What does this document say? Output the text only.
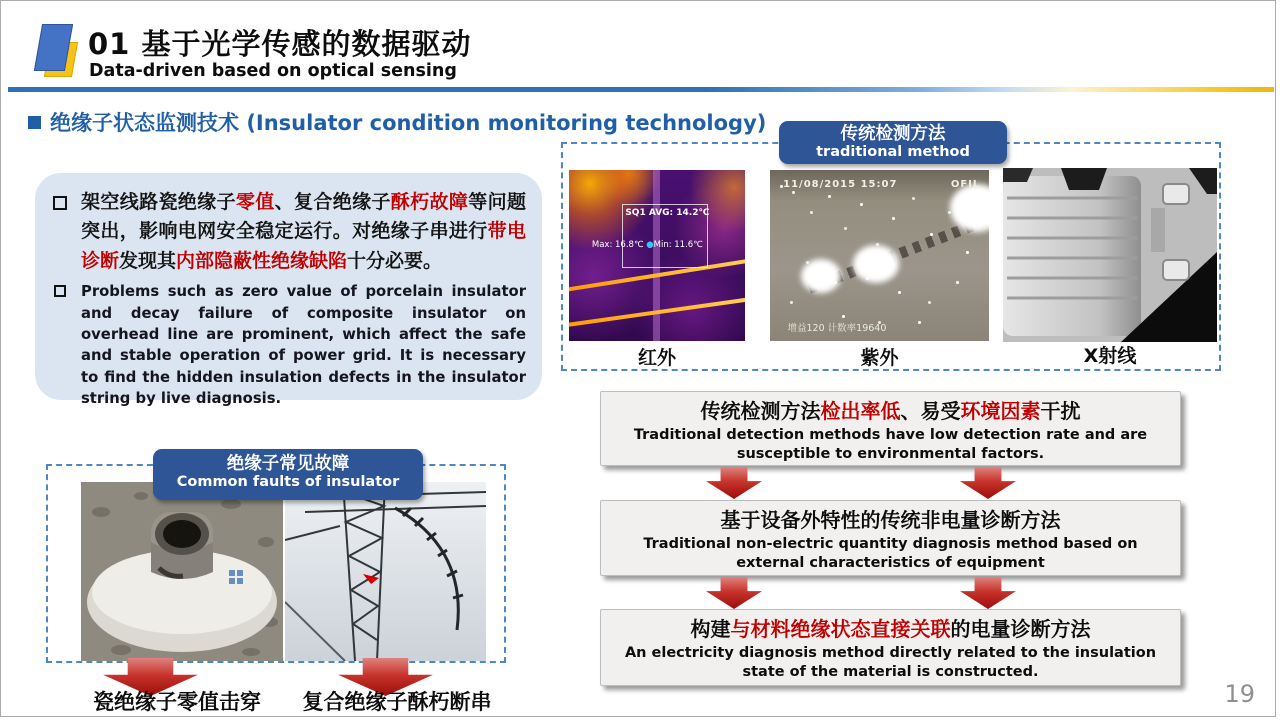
01 基于光学传感的数据驱动
Data-driven based on optical sensing
绝缘子状态监测技术 (Insulator condition monitoring technology)
架空线路瓷绝缘子零值、复合绝缘子酥朽故障等问题突出，影响电网安全稳定运行。对绝缘子串进行带电诊断发现其内部隐蔽性绝缘缺陷十分必要。
Problems such as zero value of porcelain insulator and decay failure of composite insulator on overhead line are prominent, which affect the safe and stable operation of power grid. It is necessary to find the hidden insulation defects in the insulator string by live diagnosis.
传统检测方法
traditional method
SQ1 AVG: 14.2℃
Max: 16.8℃ ●Min: 11.6℃
11/08/2015 15:07	OFIL
增益120 计数率19640
红外	紫外	X射线
绝缘子常见故障
Common faults of insulator
瓷绝缘子零值击穿	复合绝缘子酥朽断串
传统检测方法检出率低、易受环境因素干扰
Traditional detection methods have low detection rate and are susceptible to environmental factors.
基于设备外特性的传统非电量诊断方法
Traditional non-electric quantity diagnosis method based on external characteristics of equipment
构建与材料绝缘状态直接关联的电量诊断方法
An electricity diagnosis method directly related to the insulation state of the material is constructed.
19
